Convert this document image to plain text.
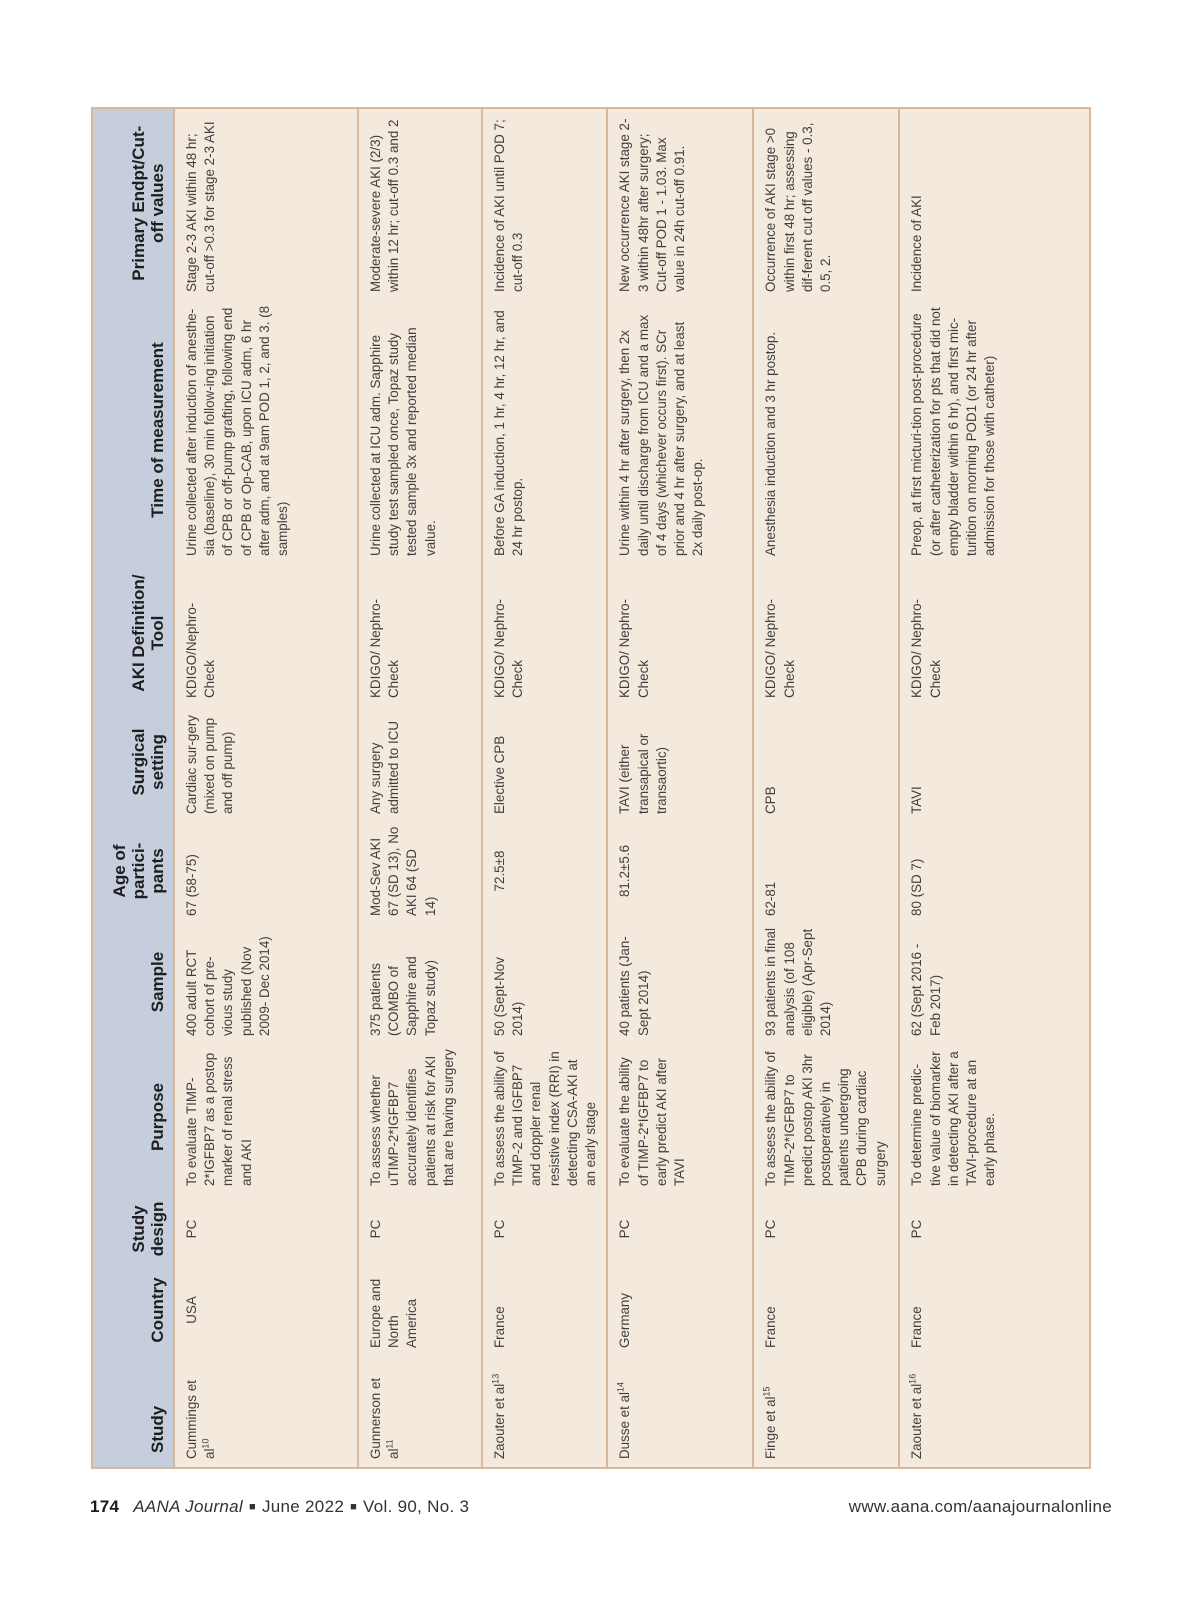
Study	Country	Study design	Purpose	Sample	Age of partici-pants	Surgical setting	AKI Definition/ Tool	Time of measurement	Primary Endpt/Cut-off values
Cummings et $al^{10}$	USA	PC	To evaluate TIMP-2*IGFBP7 as a postop marker of renal stress and AKI	400 adult RCT cohort of pre-vious study published (Nov 2009- Dec 2014)	67 (58-75)	Cardiac sur-gery (mixed on pump and off pump)	KDIGO/Nephro-Check	Urine collected after induction of anesthe-sia (baseline), 30 min follow-ing initiation of CPB or off-pump grafting, following end of CPB or Op-CAB, upon ICU adm, 6 hr after adm, and at 9am POD 1, 2, and 3. (8 samples)	Stage 2-3 AKI within 48 hr; cut-off >0.3 for stage 2-3 AKI
Gunnerson et $al^{11}$	Europe and North America	PC	To assess whether uTIMP-2*IGFBP7 accurately identifies patients at risk for AKI that are having surgery	375 patients (COMBO of Sapphire and Topaz study)	Mod-Sev AKI 67 (SD 13), No AKI 64 (SD 14)	Any surgery admitted to ICU	KDIGO/ Nephro-Check	Urine collected at ICU adm. Sapphire study test sampled once, Topaz study tested sample 3x and reported median value.	Moderate-severe AKI (2/3) within 12 hr; cut-off 0.3 and 2
Zaouter et $al^{13}$	France	PC	To assess the ability of TIMP-2 and IGFBP7 and doppler renal resistive index (RRI) in detecting CSA-AKI at an early stage	50 (Sept-Nov 2014)	72.5±8	Elective CPB	KDIGO/ Nephro-Check	Before GA induction, 1 hr, 4 hr, 12 hr, and 24 hr postop.	Incidence of AKI until POD 7; cut-off 0.3
Dusse et $al^{14}$	Germany	PC	To evaluate the ability of TIMP-2*IGFBP7 to early predict AKI after TAVI	40 patients (Jan-Sept 2014)	81.2±5.6	TAVI (either transapical or transaortic)	KDIGO/ Nephro-Check	Urine within 4 hr after surgery, then 2x daily until discharge from ICU and a max of 4 days (whichever occurs first). SCr prior and 4 hr after surgery, and at least 2x daily post-op.	New occurrence AKI stage 2-3 within 48hr after surgery; Cut-off POD 1 - 1.03. Max value in 24h cut-off 0.91.
Finge et $al^{15}$	France	PC	To assess the ability of TIMP-2*IGFBP7 to predict postop AKI 3hr postoperatively in patients undergoing CPB during cardiac surgery	93 patients in final analysis (of 108 eligible) (Apr-Sept 2014)	62-81	CPB	KDIGO/ Nephro-Check	Anesthesia induction and 3 hr postop.	Occurrence of AKI stage >0 within first 48 hr; assessing dif-ferent cut off values - 0.3, 0.5, 2.
Zaouter et $al^{16}$	France	PC	To determine predic-tive value of biomarker in detecting AKI after a TAVI-procedure at an early phase.	62 (Sept 2016 - Feb 2017)	80 (SD 7)	TAVI	KDIGO/ Nephro-Check	Preop, at first micturi-tion post-procedure (or after catheterization for pts that did not empty bladder within 6 hr), and first mic-turition on morning POD1 (or 24 hr after admission for those with catheter)	Incidence of AKI
174 AANA Journal ■ June 2022 ■ Vol. 90, No. 3	www.aana.com/aanajournalonline
